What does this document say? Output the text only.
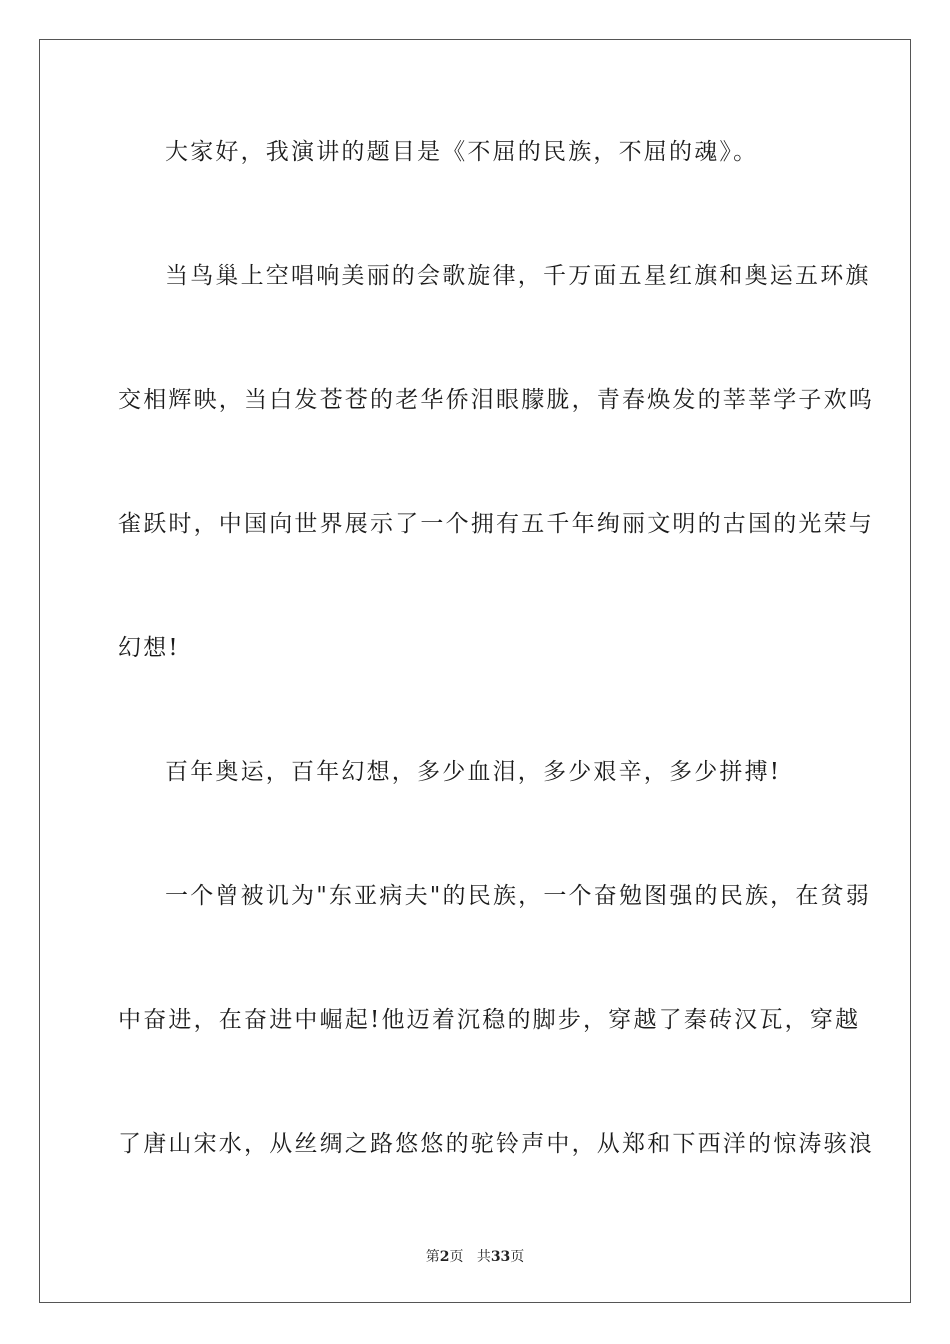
大家好，我演讲的题目是《不屈的民族，不屈的魂》。
当鸟巢上空唱响美丽的会歌旋律，千万面五星红旗和奥运五环旗
交相辉映，当白发苍苍的老华侨泪眼朦胧，青春焕发的莘莘学子欢呜
雀跃时，中国向世界展示了一个拥有五千年绚丽文明的古国的光荣与
幻想!
百年奥运，百年幻想，多少血泪，多少艰辛，多少拼搏!
一个曾被讥为"东亚病夫"的民族，一个奋勉图强的民族，在贫弱
中奋进，在奋进中崛起!他迈着沉稳的脚步，穿越了秦砖汉瓦，穿越
了唐山宋水，从丝绸之路悠悠的驼铃声中，从郑和下西洋的惊涛骇浪
第2页 共33页
